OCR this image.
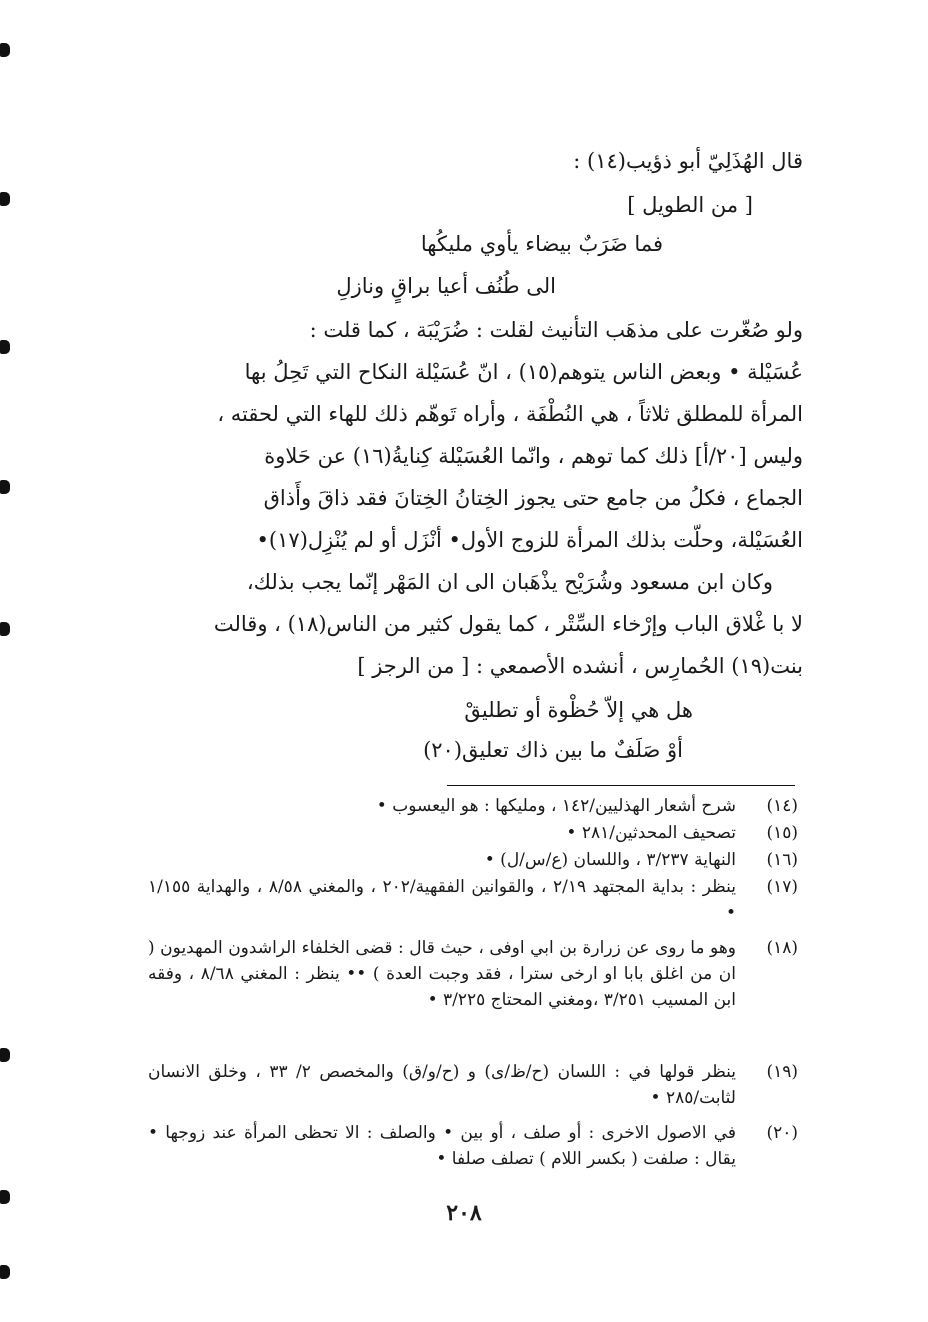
قال الهُذَلِيّ أبو ذؤيب(١٤) :
[ من الطويل ]
فما ضَرَبٌ بيضاء يأوي مليكُها
الى طُنُف أعيا براقٍ ونازلِ
ولو صُغّرت على مذهَب التأنيث لقلت : ضُرَيْبَة ، كما قلت :
عُسَيْلة • وبعض الناس يتوهم(١٥) ، انّ عُسَيْلة النكاح التي تَحِلُ بها
المرأة للمطلق ثلاثاً ، هي النُطْفَة ، وأراه تَوهّم ذلك للهاء التي لحقته ،
وليس [٢٠/أ] ذلك كما توهم ، وانّما العُسَيْلة كِنايةُ(١٦) عن حَلاوة
الجماع ، فكلُ من جامع حتى يجوز الخِتانُ الخِتانَ فقد ذاقَ وأَذاق
العُسَيْلة، وحلّت بذلك المرأة للزوج الأول• أنْزَل أو لم يُنْزِل(١٧)•
وكان ابن مسعود وشُرَيْح يذْهَبان الى ان المَهْر إنّما يجب بذلك،
لا با غْلاق الباب وإرْخاء السِّتْر ، كما يقول كثير من الناس(١٨) ، وقالت
بنت(١٩) الحُمارِس ، أنشده الأصمعي : [ من الرجز ]
هل هي إلاّ حُظْوة أو تطليقْ
أوْ صَلَفٌ ما بين ذاك تعليق(٢٠)
(١٤)
شرح أشعار الهذليين/١٤٢ ، ومليكها : هو اليعسوب •
(١٥)
تصحيف المحدثين/٢٨١ •
(١٦)
النهاية ٣/٢٣٧ ، واللسان (ع/س/ل) •
(١٧)
ينظر : بداية المجتهد ٢/١٩ ، والقوانين الفقهية/٢٠٢ ، والمغني ٨/٥٨ ، والهداية ١/١٥٥ •
(١٨)
وهو ما روى عن زرارة بن ابي اوفى ، حيث قال : قضى الخلفاء الراشدون المهديون ( ان من اغلق بابا او ارخى سترا ، فقد وجبت العدة ) •• ينظر : المغني ٨/٦٨ ، وفقه ابن المسيب ٣/٢٥١ ،ومغني المحتاج ٣/٢٢٥ •
(١٩)
ينظر قولها في : اللسان (ح/ظ/ى) و (ح/و/ق) والمخصص ٢/ ٣٣ ، وخلق الانسان لثابت/٢٨٥ •
(٢٠)
في الاصول الاخرى : أو صلف ، أو بين • والصلف : الا تحظى المرأة عند زوجها • يقال : صلفت ( بكسر اللام ) تصلف صلفا •
٢٠٨
